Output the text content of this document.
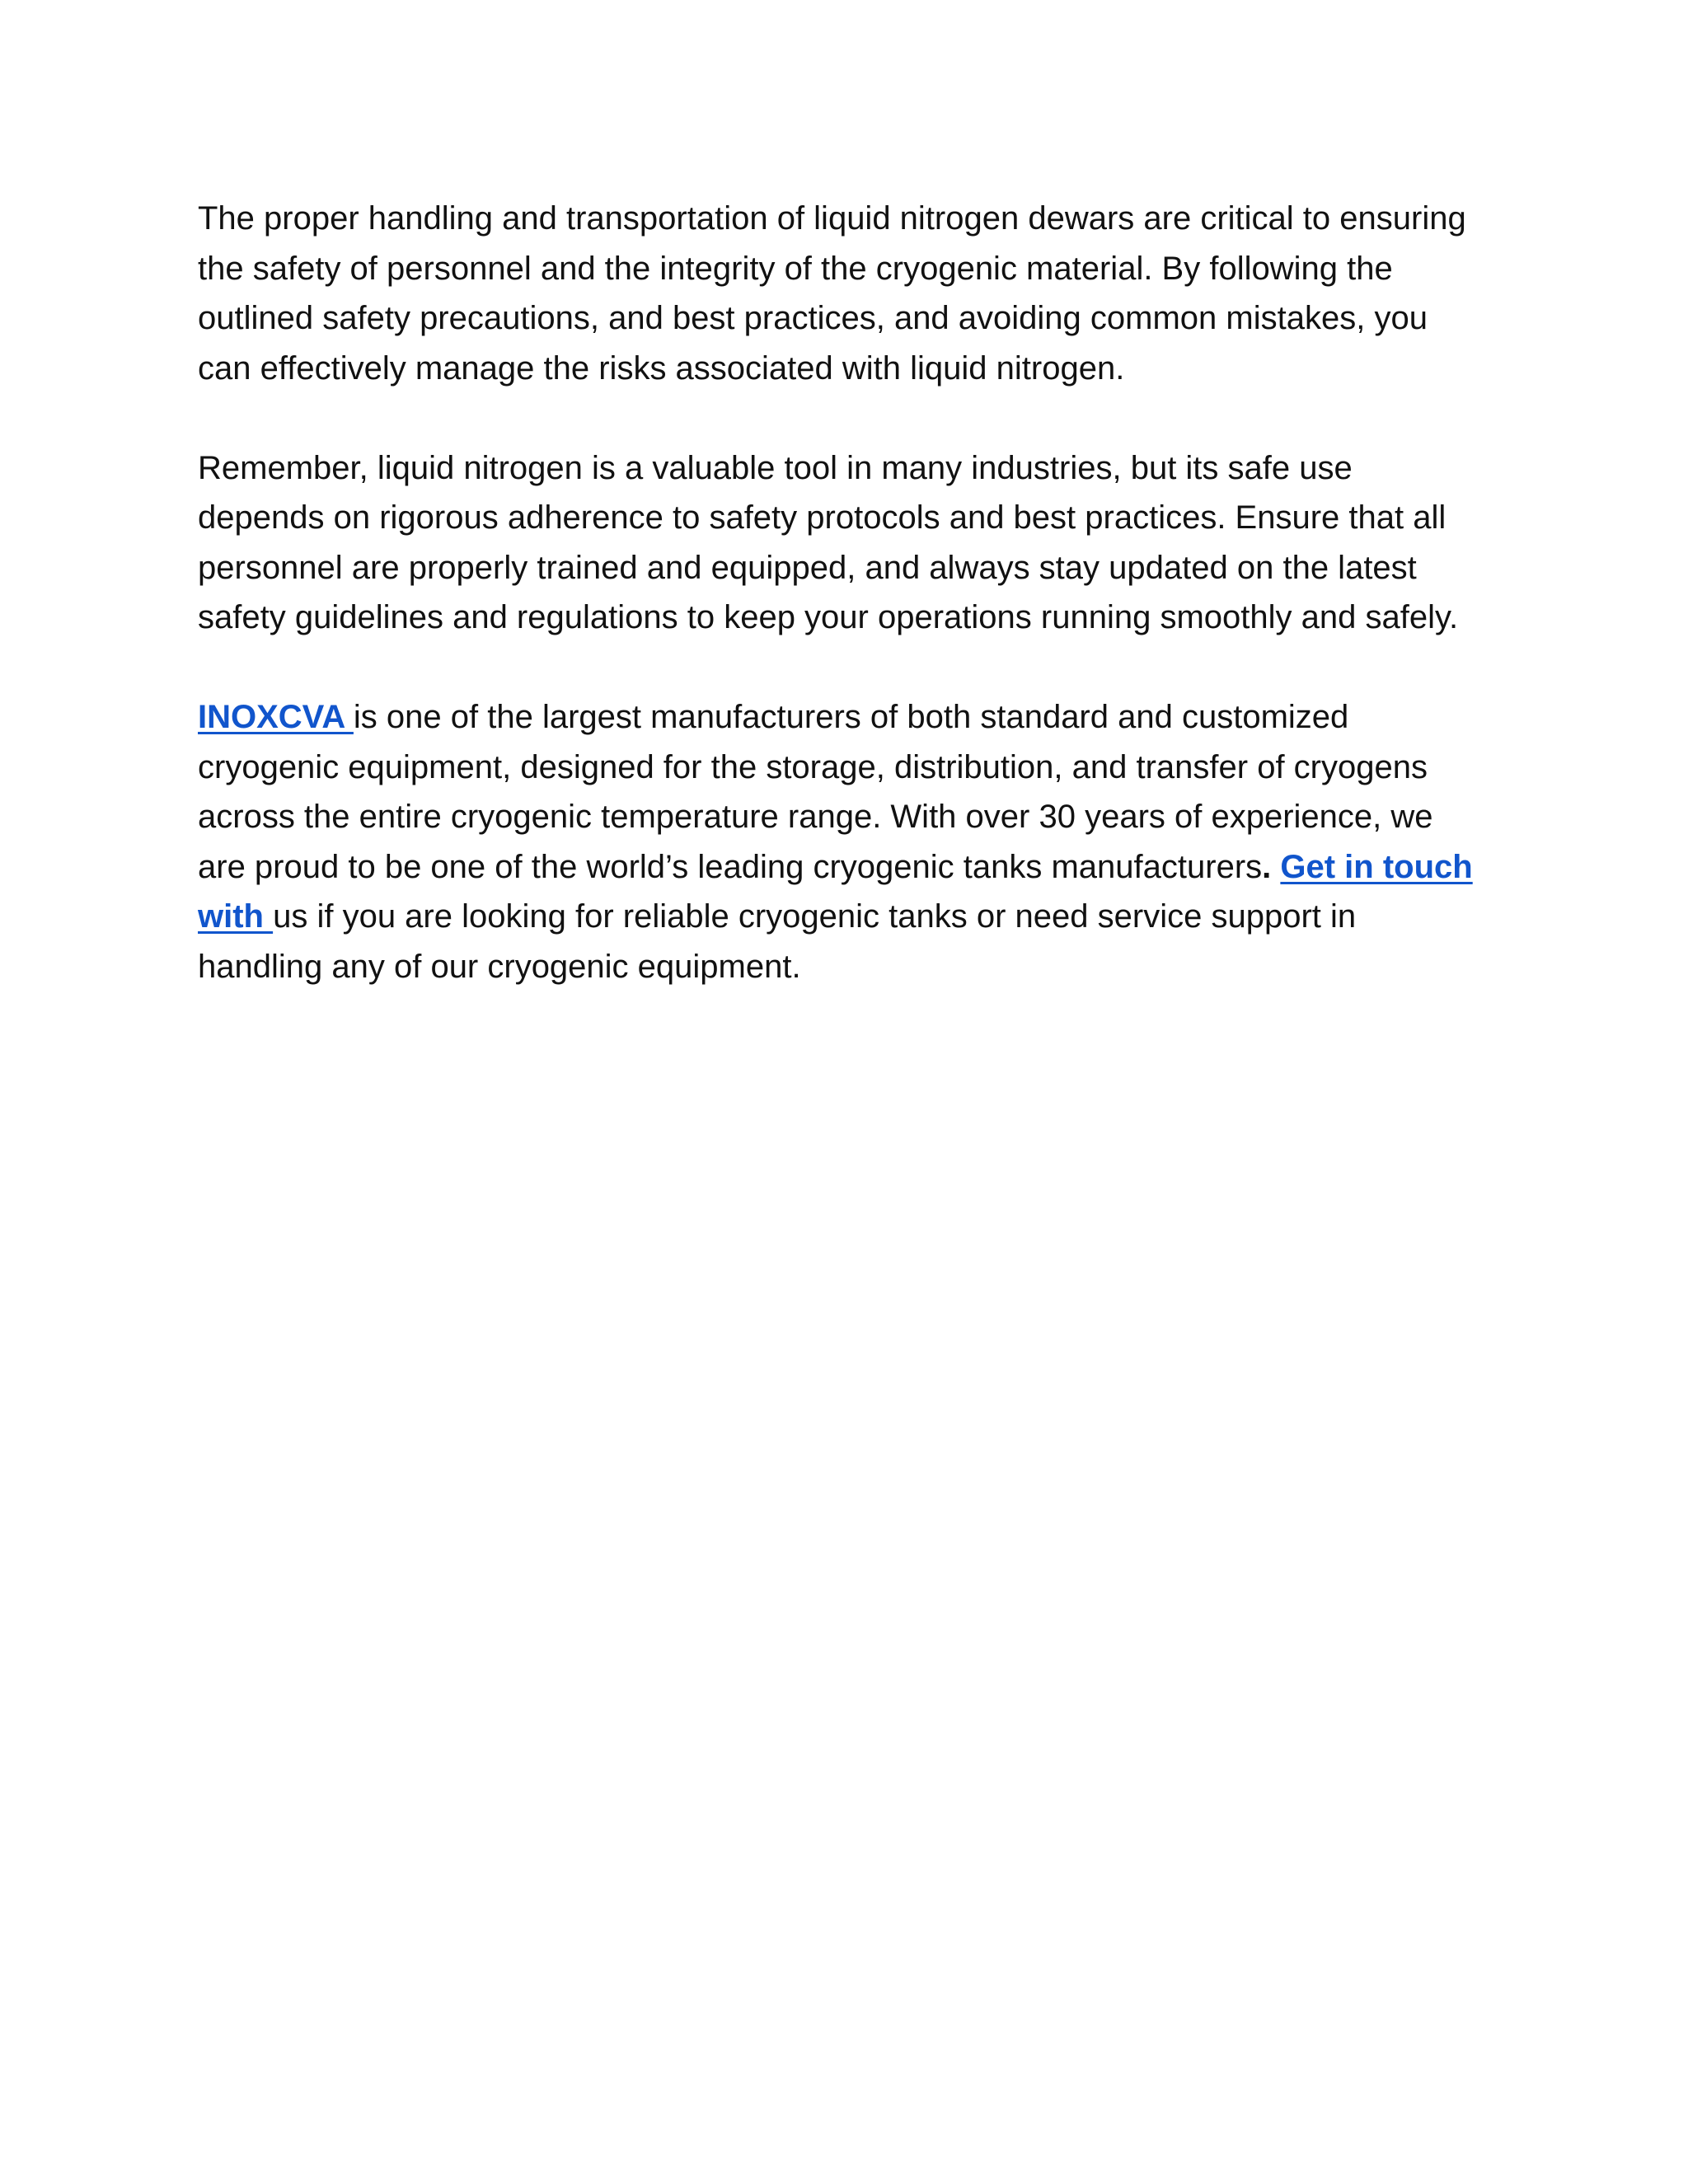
The proper handling and transportation of liquid nitrogen dewars are critical to ensuring the safety of personnel and the integrity of the cryogenic material. By following the outlined safety precautions, and best practices, and avoiding common mistakes, you can effectively manage the risks associated with liquid nitrogen.

Remember, liquid nitrogen is a valuable tool in many industries, but its safe use depends on rigorous adherence to safety protocols and best practices. Ensure that all personnel are properly trained and equipped, and always stay updated on the latest safety guidelines and regulations to keep your operations running smoothly and safely.

INOXCVA is one of the largest manufacturers of both standard and customized cryogenic equipment, designed for the storage, distribution, and transfer of cryogens across the entire cryogenic temperature range. With over 30 years of experience, we are proud to be one of the world’s leading cryogenic tanks manufacturers. Get in touch with us if you are looking for reliable cryogenic tanks or need service support in handling any of our cryogenic equipment.
